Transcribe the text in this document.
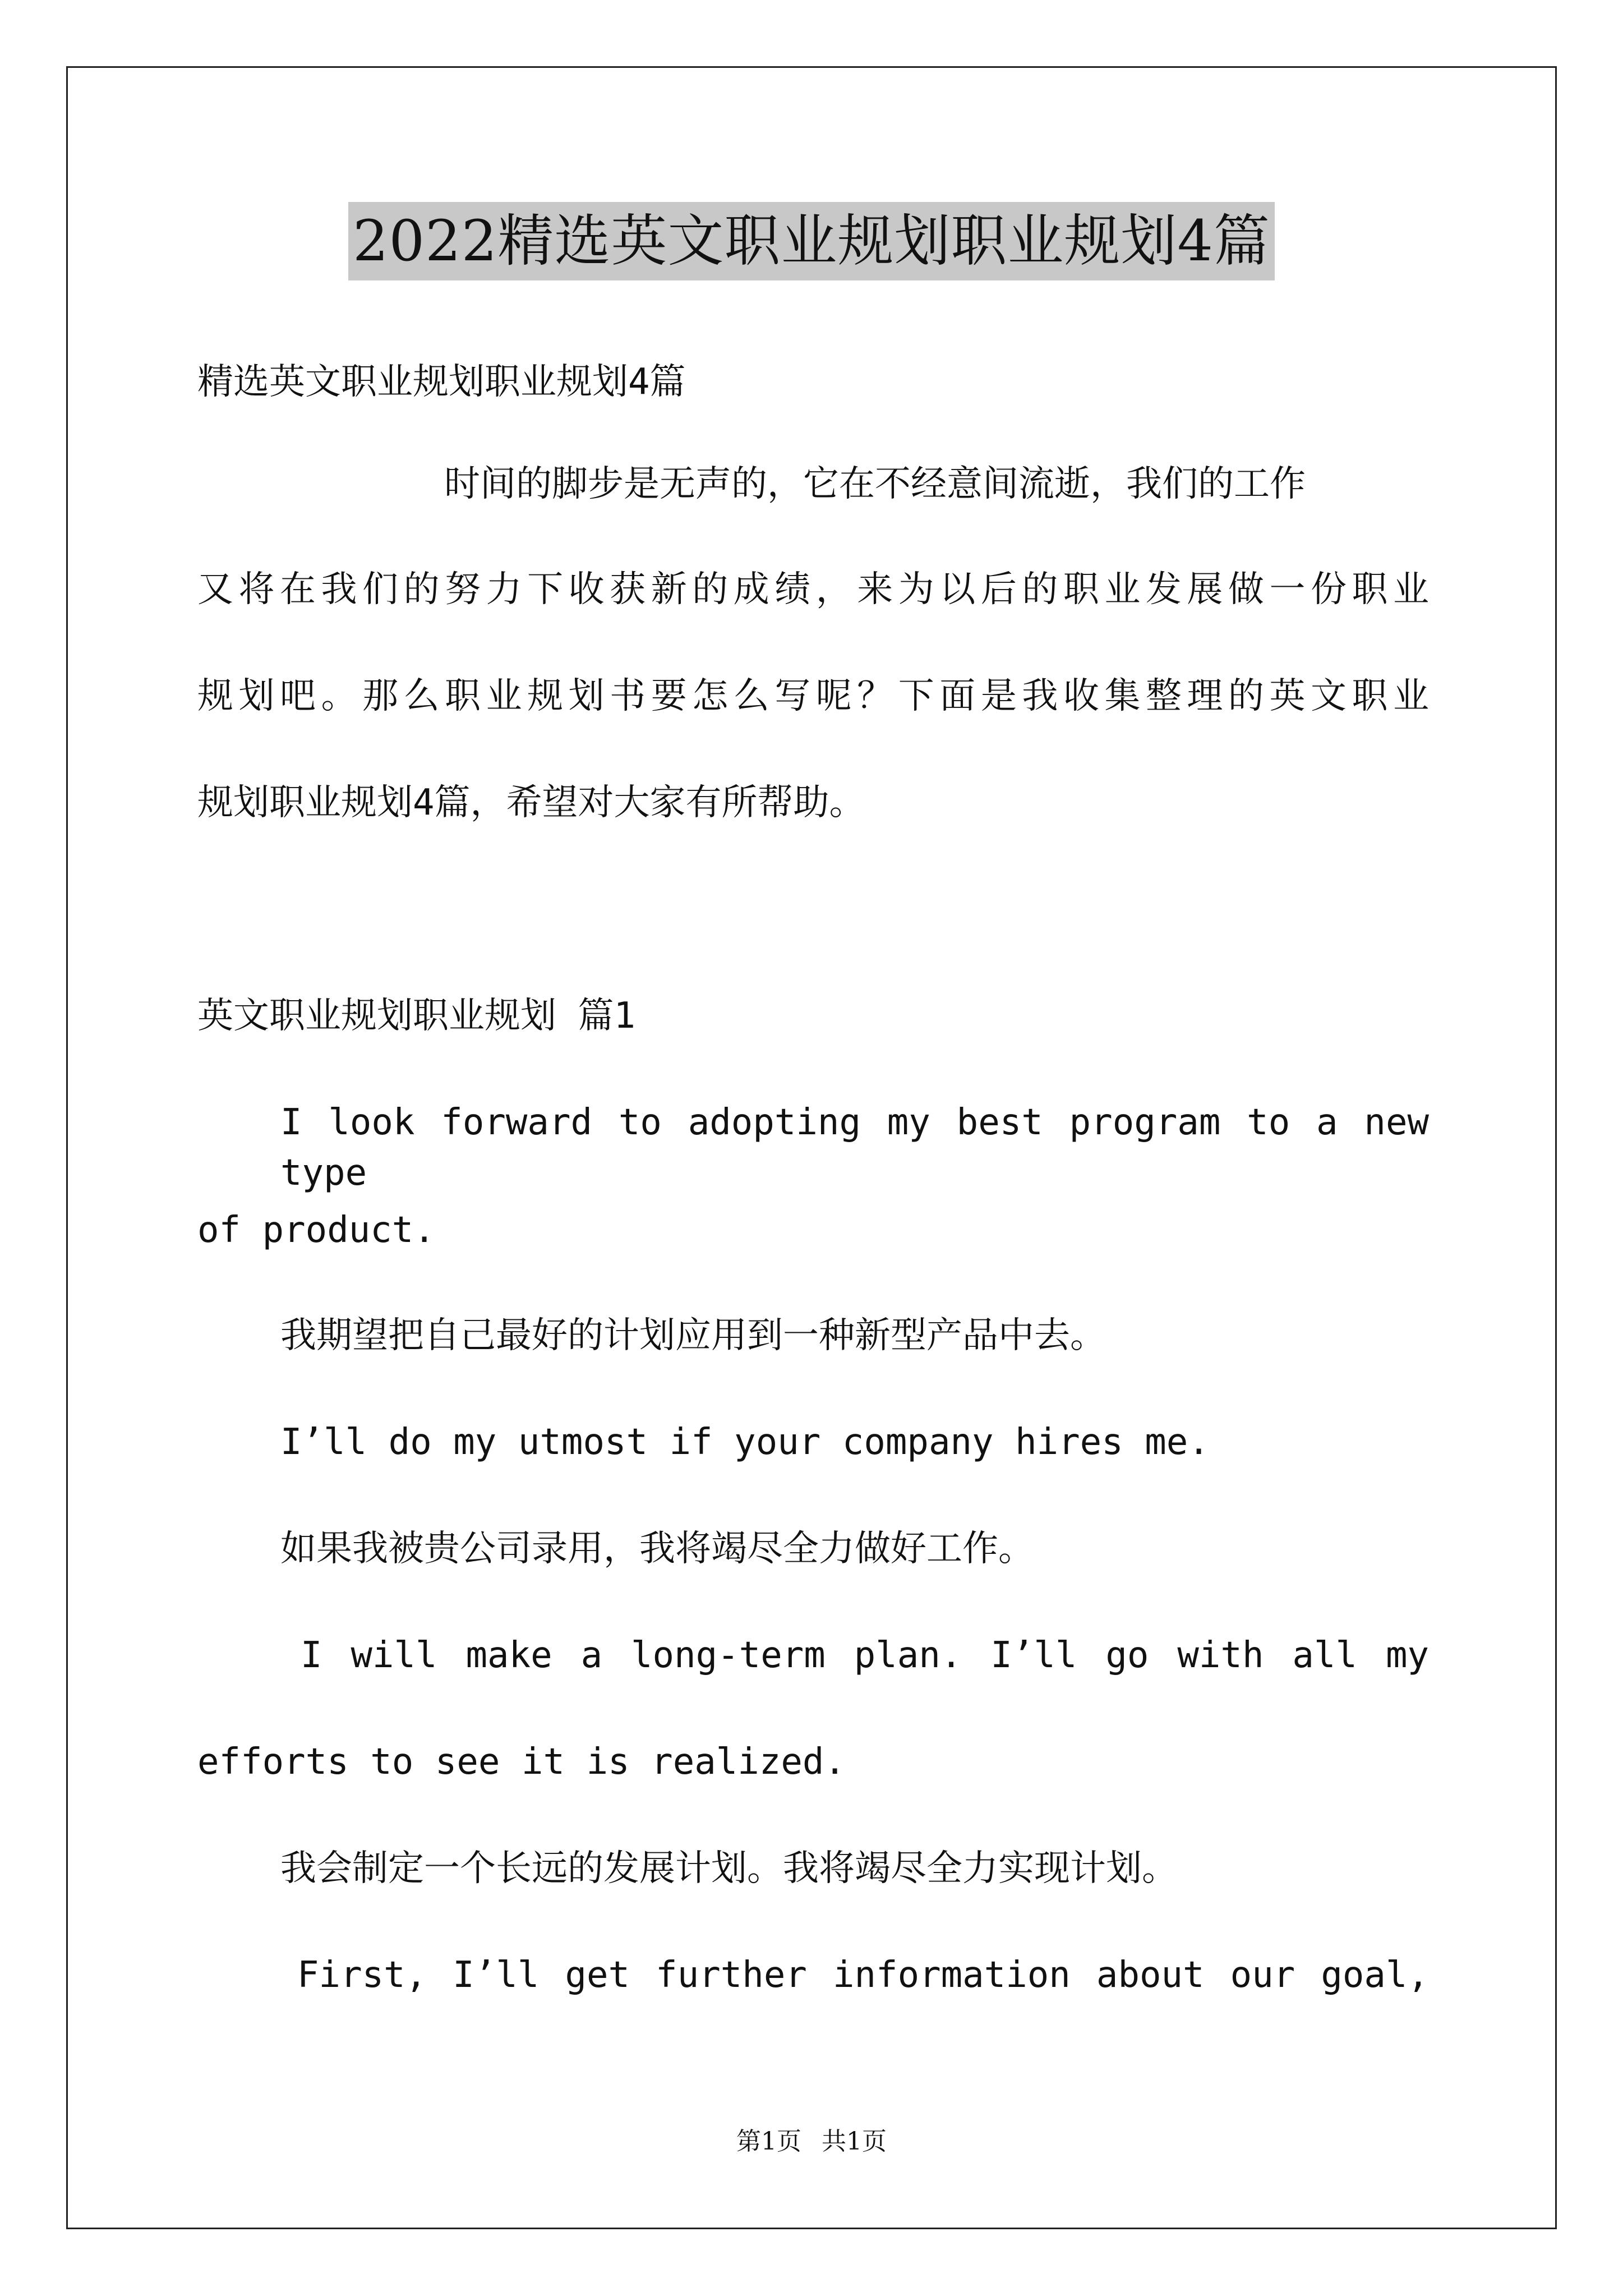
2022精选英文职业规划职业规划4篇
精选英文职业规划职业规划4篇
时间的脚步是无声的，它在不经意间流逝，我们的工作
又将在我们的努力下收获新的成绩，来为以后的职业发展做一份职业
规划吧。那么职业规划书要怎么写呢？下面是我收集整理的英文职业
规划职业规划4篇，希望对大家有所帮助。
英文职业规划职业规划 篇1
I look forward to adopting my best program to a new type
of product.
我期望把自己最好的计划应用到一种新型产品中去。
I’ll do my utmost if your company hires me.
如果我被贵公司录用，我将竭尽全力做好工作。
I will make a long-term plan. I’ll go with all my
efforts to see it is realized.
我会制定一个长远的发展计划。我将竭尽全力实现计划。
First, I’ll get further information about our goal,
第1页 共1页
